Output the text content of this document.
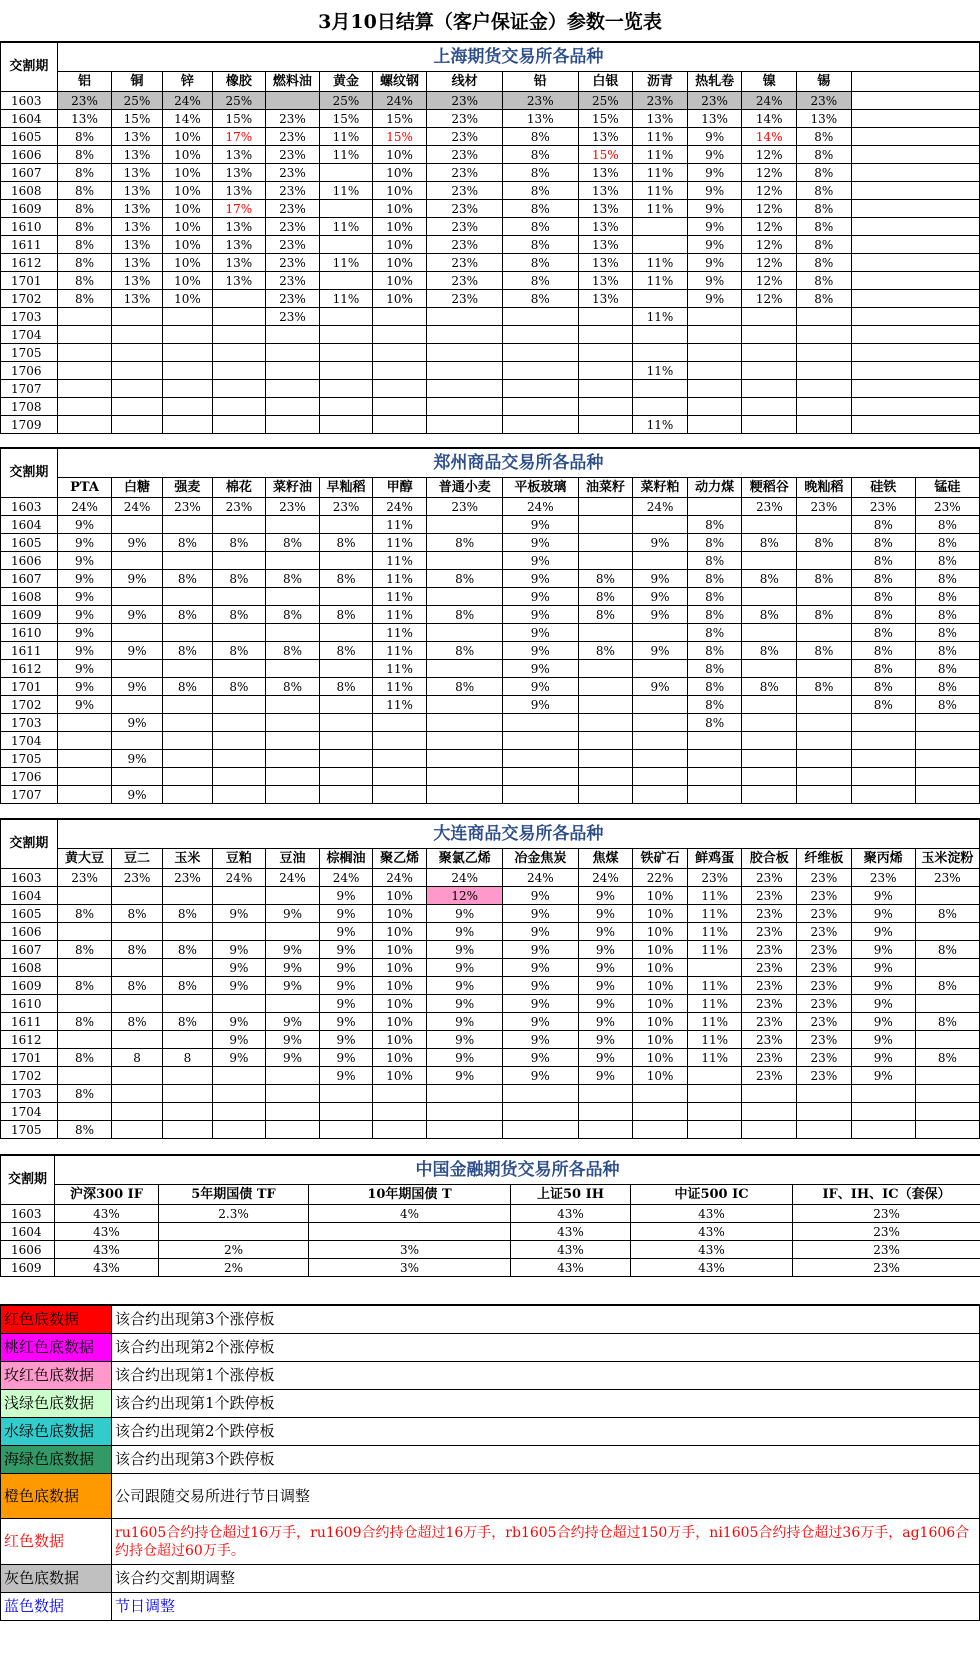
3月10日结算（客户保证金）参数一览表
交割期	上海期货交易所各品种														
	铝	铜	锌	橡胶	燃料油	黄金	螺纹钢	线材	铅	白银	沥青	热轧卷	镍	锡	
1603	23%	25%	24%	25%		25%	24%	23%	23%	25%	23%	23%	24%	23%	
1604	13%	15%	14%	15%	23%	15%	15%	23%	13%	15%	13%	13%	14%	13%	
1605	8%	13%	10%	17%	23%	11%	15%	23%	8%	13%	11%	9%	14%	8%	
1606	8%	13%	10%	13%	23%	11%	10%	23%	8%	15%	11%	9%	12%	8%	
1607	8%	13%	10%	13%	23%		10%	23%	8%	13%	11%	9%	12%	8%	
1608	8%	13%	10%	13%	23%	11%	10%	23%	8%	13%	11%	9%	12%	8%	
1609	8%	13%	10%	17%	23%		10%	23%	8%	13%	11%	9%	12%	8%	
1610	8%	13%	10%	13%	23%	11%	10%	23%	8%	13%		9%	12%	8%	
1611	8%	13%	10%	13%	23%		10%	23%	8%	13%		9%	12%	8%	
1612	8%	13%	10%	13%	23%	11%	10%	23%	8%	13%	11%	9%	12%	8%	
1701	8%	13%	10%	13%	23%		10%	23%	8%	13%	11%	9%	12%	8%	
1702	8%	13%	10%		23%	11%	10%	23%	8%	13%		9%	12%	8%	
1703					23%						11%				
1704															
1705															
1706											11%				
1707															
1708															
1709											11%				
交割期	郑州商品交易所各品种															
	PTA	白糖	强麦	棉花	菜籽油	早籼稻	甲醇	普通小麦	平板玻璃	油菜籽	菜籽粕	动力煤	粳稻谷	晚籼稻	硅铁	锰硅
1603	24%	24%	23%	23%	23%	23%	24%	23%	24%		24%		23%	23%	23%	23%
1604	9%						11%		9%			8%			8%	8%
1605	9%	9%	8%	8%	8%	8%	11%	8%	9%		9%	8%	8%	8%	8%	8%
1606	9%						11%		9%			8%			8%	8%
1607	9%	9%	8%	8%	8%	8%	11%	8%	9%	8%	9%	8%	8%	8%	8%	8%
1608	9%						11%		9%	8%	9%	8%			8%	8%
1609	9%	9%	8%	8%	8%	8%	11%	8%	9%	8%	9%	8%	8%	8%	8%	8%
1610	9%						11%		9%			8%			8%	8%
1611	9%	9%	8%	8%	8%	8%	11%	8%	9%	8%	9%	8%	8%	8%	8%	8%
1612	9%						11%		9%			8%			8%	8%
1701	9%	9%	8%	8%	8%	8%	11%	8%	9%		9%	8%	8%	8%	8%	8%
1702	9%						11%		9%			8%			8%	8%
1703		9%										8%				
1704																
1705		9%														
1706																
1707		9%														
交割期	大连商品交易所各品种															
	黄大豆	豆二	玉米	豆粕	豆油	棕榈油	聚乙烯	聚氯乙烯	冶金焦炭	焦煤	铁矿石	鲜鸡蛋	胶合板	纤维板	聚丙烯	玉米淀粉
1603	23%	23%	23%	24%	24%	24%	24%	24%	24%	24%	22%	23%	23%	23%	23%	23%
1604						9%	10%	12%	9%	9%	10%	11%	23%	23%	9%	
1605	8%	8%	8%	9%	9%	9%	10%	9%	9%	9%	10%	11%	23%	23%	9%	8%
1606						9%	10%	9%	9%	9%	10%	11%	23%	23%	9%	
1607	8%	8%	8%	9%	9%	9%	10%	9%	9%	9%	10%	11%	23%	23%	9%	8%
1608				9%	9%	9%	10%	9%	9%	9%	10%		23%	23%	9%	
1609	8%	8%	8%	9%	9%	9%	10%	9%	9%	9%	10%	11%	23%	23%	9%	8%
1610						9%	10%	9%	9%	9%	10%	11%	23%	23%	9%	
1611	8%	8%	8%	9%	9%	9%	10%	9%	9%	9%	10%	11%	23%	23%	9%	8%
1612				9%	9%	9%	10%	9%	9%	9%	10%	11%	23%	23%	9%	
1701	8%	8	8	9%	9%	9%	10%	9%	9%	9%	10%	11%	23%	23%	9%	8%
1702						9%	10%	9%	9%	9%	10%		23%	23%	9%	
1703	8%															
1704																
1705	8%															
交割期	中国金融期货交易所各品种					
	沪深300 IF	5年期国债 TF	10年期国债 T	上证50 IH	中证500 IC	IF、IH、IC（套保）
1603	43%	2.3%	4%	43%	43%	23%
1604	43%			43%	43%	23%
1606	43%	2%	3%	43%	43%	23%
1609	43%	2%	3%	43%	43%	23%
红色底数据	该合约出现第3个涨停板
桃红色底数据	该合约出现第2个涨停板
玫红色底数据	该合约出现第1个涨停板
浅绿色底数据	该合约出现第1个跌停板
水绿色底数据	该合约出现第2个跌停板
海绿色底数据	该合约出现第3个跌停板
橙色底数据	公司跟随交易所进行节日调整
红色数据	ru1605合约持仓超过16万手，ru1609合约持仓超过16万手，rb1605合约持仓超过150万手，ni1605合约持仓超过36万手，ag1606合约持仓超过60万手。
灰色底数据	该合约交割期调整
蓝色数据	节日调整
